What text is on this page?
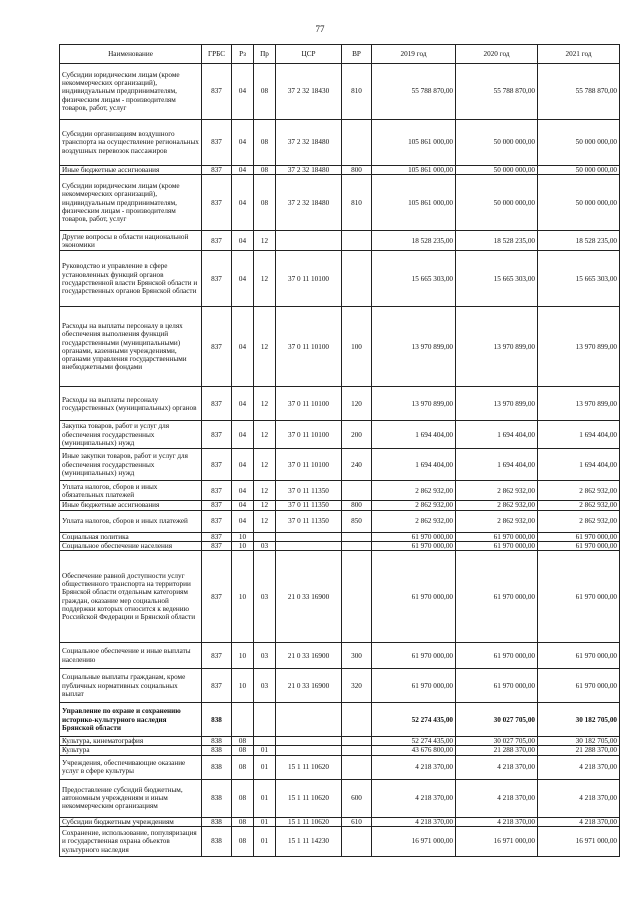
77
Наименование	ГРБС	Рз	Пр	ЦСР	ВР	2019 год	2020 год	2021 год
Субсидии юридическим лицам (кроме некоммерческих организаций), индивидуальным предпринимателям, физическим лицам - производителям товаров, работ, услуг	837	04	08	37 2 32 18430	810	55 788 870,00	55 788 870,00	55 788 870,00
Субсидии организациям воздушного транспорта на осуществление региональных воздушных перевозок пассажиров	837	04	08	37 2 32 18480		105 861 000,00	50 000 000,00	50 000 000,00
Иные бюджетные ассигнования	837	04	08	37 2 32 18480	800	105 861 000,00	50 000 000,00	50 000 000,00
Субсидии юридическим лицам (кроме некоммерческих организаций), индивидуальным предпринимателям, физическим лицам - производителям товаров, работ, услуг	837	04	08	37 2 32 18480	810	105 861 000,00	50 000 000,00	50 000 000,00
Другие вопросы в области национальной экономики	837	04	12			18 528 235,00	18 528 235,00	18 528 235,00
Руководство и управление в сфере установленных функций органов государственной власти Брянской области и государственных органов Брянской области	837	04	12	37 0 11 10100		15 665 303,00	15 665 303,00	15 665 303,00
Расходы на выплаты персоналу в целях обеспечения выполнения функций государственными (муниципальными) органами, казенными учреждениями, органами управления государственными внебюджетными фондами	837	04	12	37 0 11 10100	100	13 970 899,00	13 970 899,00	13 970 899,00
Расходы на выплаты персоналу государственных (муниципальных) органов	837	04	12	37 0 11 10100	120	13 970 899,00	13 970 899,00	13 970 899,00
Закупка товаров, работ и услуг для обеспечения государственных (муниципальных) нужд	837	04	12	37 0 11 10100	200	1 694 404,00	1 694 404,00	1 694 404,00
Иные закупки товаров, работ и услуг для обеспечения государственных (муниципальных) нужд	837	04	12	37 0 11 10100	240	1 694 404,00	1 694 404,00	1 694 404,00
Уплата налогов, сборов и иных обязательных платежей	837	04	12	37 0 11 11350		2 862 932,00	2 862 932,00	2 862 932,00
Иные бюджетные ассигнования	837	04	12	37 0 11 11350	800	2 862 932,00	2 862 932,00	2 862 932,00
Уплата налогов, сборов и иных платежей	837	04	12	37 0 11 11350	850	2 862 932,00	2 862 932,00	2 862 932,00
Социальная политика	837	10				61 970 000,00	61 970 000,00	61 970 000,00
Социальное обеспечение населения	837	10	03			61 970 000,00	61 970 000,00	61 970 000,00
Обеспечение равной доступности услуг общественного транспорта на территории Брянской области отдельным категориям граждан, оказание мер социальной поддержки которых относится к ведению Российской Федерации и Брянской области	837	10	03	21 0 33 16900		61 970 000,00	61 970 000,00	61 970 000,00
Социальное обеспечение и иные выплаты населению	837	10	03	21 0 33 16900	300	61 970 000,00	61 970 000,00	61 970 000,00
Социальные выплаты гражданам, кроме публичных нормативных социальных выплат	837	10	03	21 0 33 16900	320	61 970 000,00	61 970 000,00	61 970 000,00
Управление по охране и сохранению историко-культурного наследия Брянской области	838					52 274 435,00	30 027 705,00	30 182 705,00
Культура, кинематография	838	08				52 274 435,00	30 027 705,00	30 182 705,00
Культура	838	08	01			43 676 800,00	21 288 370,00	21 288 370,00
Учреждения, обеспечивающие оказание услуг в сфере культуры	838	08	01	15 1 11 10620		4 218 370,00	4 218 370,00	4 218 370,00
Предоставление субсидий бюджетным, автономным учреждениям и иным некоммерческим организациям	838	08	01	15 1 11 10620	600	4 218 370,00	4 218 370,00	4 218 370,00
Субсидии бюджетным учреждениям	838	08	01	15 1 11 10620	610	4 218 370,00	4 218 370,00	4 218 370,00
Сохранение, использование, популяризация и государственная охрана объектов культурного наследия	838	08	01	15 1 11 14230		16 971 000,00	16 971 000,00	16 971 000,00
